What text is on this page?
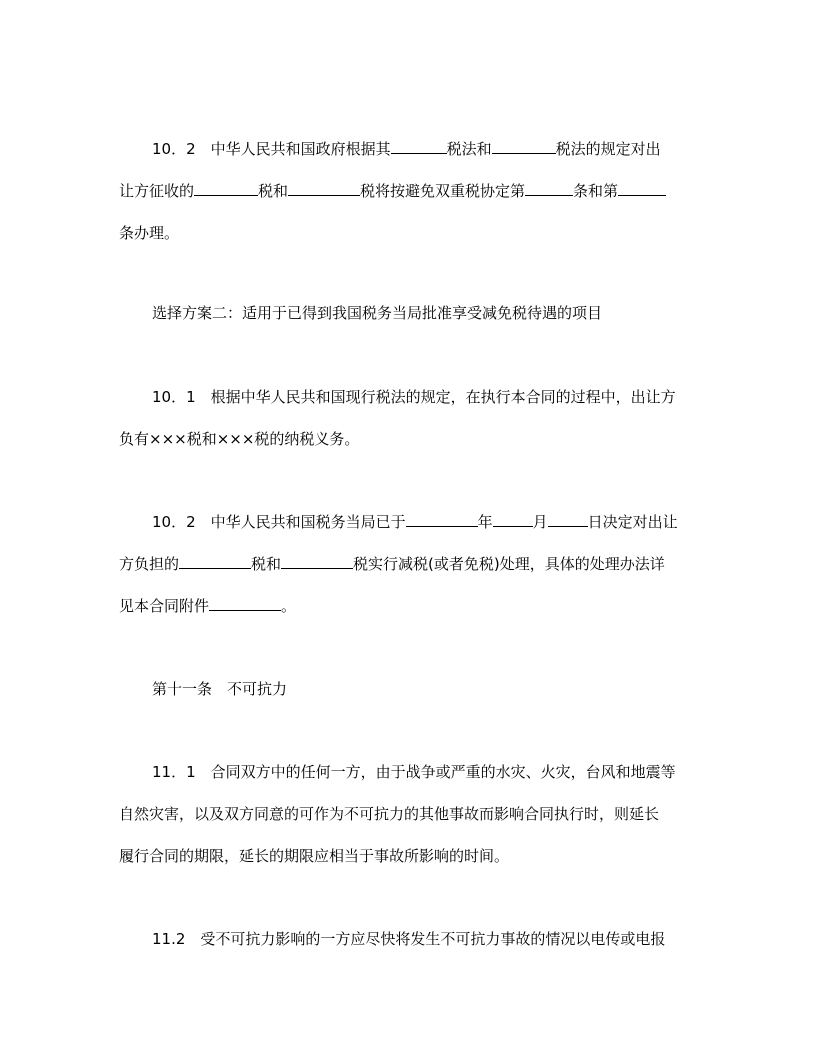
10．2　中华人民共和国政府根据其	税法和	税法的规定对出
让方征收的	税和	税将按避免双重税协定第	条和第
条办理。
选择方案二：适用于已得到我国税务当局批准享受减免税待遇的项目
10．1　根据中华人民共和国现行税法的规定，在执行本合同的过程中，出让方
负有×××税和×××税的纳税义务。
10．2　中华人民共和国税务当局已于	年	月	日决定对出让
方负担的	税和	税实行减税(或者免税)处理，具体的处理办法详
见本合同附件	。
第十一条　不可抗力
11．1　合同双方中的任何一方，由于战争或严重的水灾、火灾，台风和地震等
自然灾害，以及双方同意的可作为不可抗力的其他事故而影响合同执行时，则延长
履行合同的期限，延长的期限应相当于事故所影响的时间。
11.2　受不可抗力影响的一方应尽快将发生不可抗力事故的情况以电传或电报
